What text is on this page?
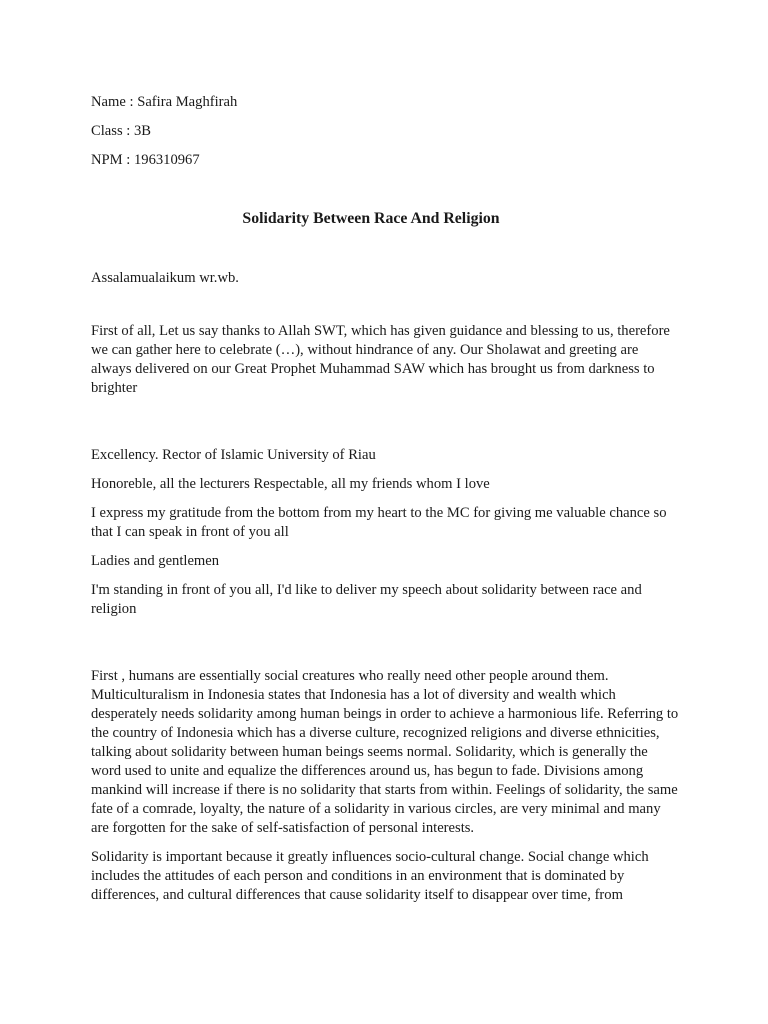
Name : Safira Maghfirah
Class : 3B
NPM : 196310967
Solidarity Between Race And Religion
Assalamualaikum wr.wb.

First of all, Let us say thanks to Allah SWT, which has given guidance and blessing to us, therefore we can gather here to celebrate (…), without hindrance of any. Our Sholawat and greeting are always delivered on our Great Prophet Muhammad SAW which has brought us from darkness to brighter

Excellency. Rector of Islamic University of Riau

Honoreble, all the lecturers Respectable, all my friends whom I love

I express my gratitude from the bottom from my heart to the MC for giving me valuable chance so that I can speak in front of you all

Ladies and gentlemen

I'm standing in front of you all, I'd like to deliver my speech about solidarity between race and religion

First , humans are essentially social creatures who really need other people around them. Multiculturalism in Indonesia states that Indonesia has a lot of diversity and wealth which desperately needs solidarity among human beings in order to achieve a harmonious life. Referring to the country of Indonesia which has a diverse culture, recognized religions and diverse ethnicities, talking about solidarity between human beings seems normal. Solidarity, which is generally the word used to unite and equalize the differences around us, has begun to fade. Divisions among mankind will increase if there is no solidarity that starts from within. Feelings of solidarity, the same fate of a comrade, loyalty, the nature of a solidarity in various circles, are very minimal and many are forgotten for the sake of self-satisfaction of personal interests.

Solidarity is important because it greatly influences socio-cultural change. Social change which includes the attitudes of each person and conditions in an environment that is dominated by differences, and cultural differences that cause solidarity itself to disappear over time, from
